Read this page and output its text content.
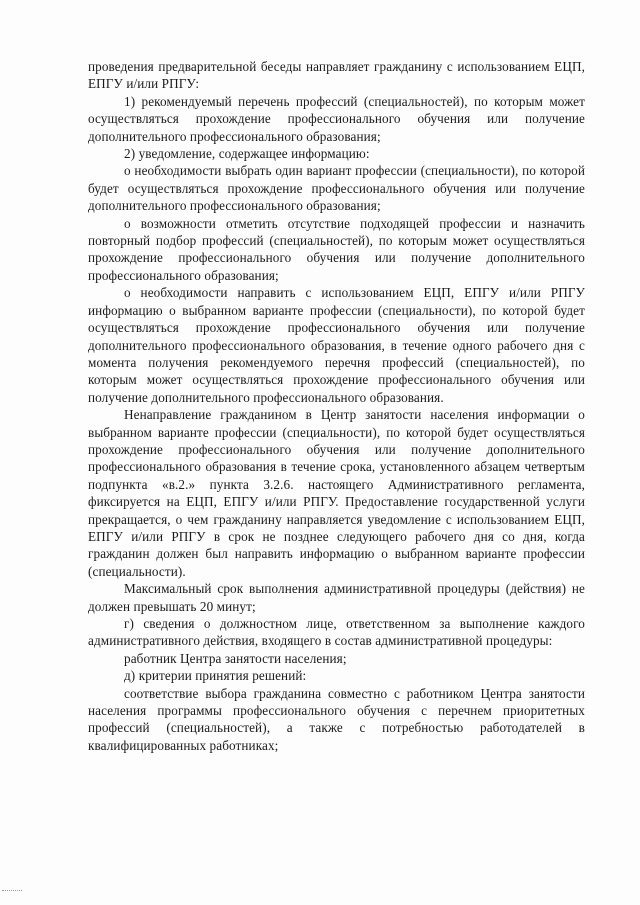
проведения предварительной беседы направляет гражданину с использованием ЕЦП, ЕПГУ и/или РПГУ:

1) рекомендуемый перечень профессий (специальностей), по которым может осуществляться прохождение профессионального обучения или получение дополнительного профессионального образования;

2) уведомление, содержащее информацию:

о необходимости выбрать один вариант профессии (специальности), по которой будет осуществляться прохождение профессионального обучения или получение дополнительного профессионального образования;

о возможности отметить отсутствие подходящей профессии и назначить повторный подбор профессий (специальностей), по которым может осуществляться прохождение профессионального обучения или получение дополнительного профессионального образования;

о необходимости направить с использованием ЕЦП, ЕПГУ и/или РПГУ информацию о выбранном варианте профессии (специальности), по которой будет осуществляться прохождение профессионального обучения или получение дополнительного профессионального образования, в течение одного рабочего дня с момента получения рекомендуемого перечня профессий (специальностей), по которым может осуществляться прохождение профессионального обучения или получение дополнительного профессионального образования.

Ненаправление гражданином в Центр занятости населения информации о выбранном варианте профессии (специальности), по которой будет осуществляться прохождение профессионального обучения или получение дополнительного профессионального образования в течение срока, установленного абзацем четвертым подпункта «в.2.» пункта 3.2.6. настоящего Административного регламента, фиксируется на ЕЦП, ЕПГУ и/или РПГУ. Предоставление государственной услуги прекращается, о чем гражданину направляется уведомление с использованием ЕЦП, ЕПГУ и/или РПГУ в срок не позднее следующего рабочего дня со дня, когда гражданин должен был направить информацию о выбранном варианте профессии (специальности).

Максимальный срок выполнения административной процедуры (действия) не должен превышать 20 минут;

г) сведения о должностном лице, ответственном за выполнение каждого административного действия, входящего в состав административной процедуры:

работник Центра занятости населения;

д) критерии принятия решений:

соответствие выбора гражданина совместно с работником Центра занятости населения программы профессионального обучения с перечнем приоритетных профессий (специальностей), а также с потребностью работодателей в квалифицированных работниках;
